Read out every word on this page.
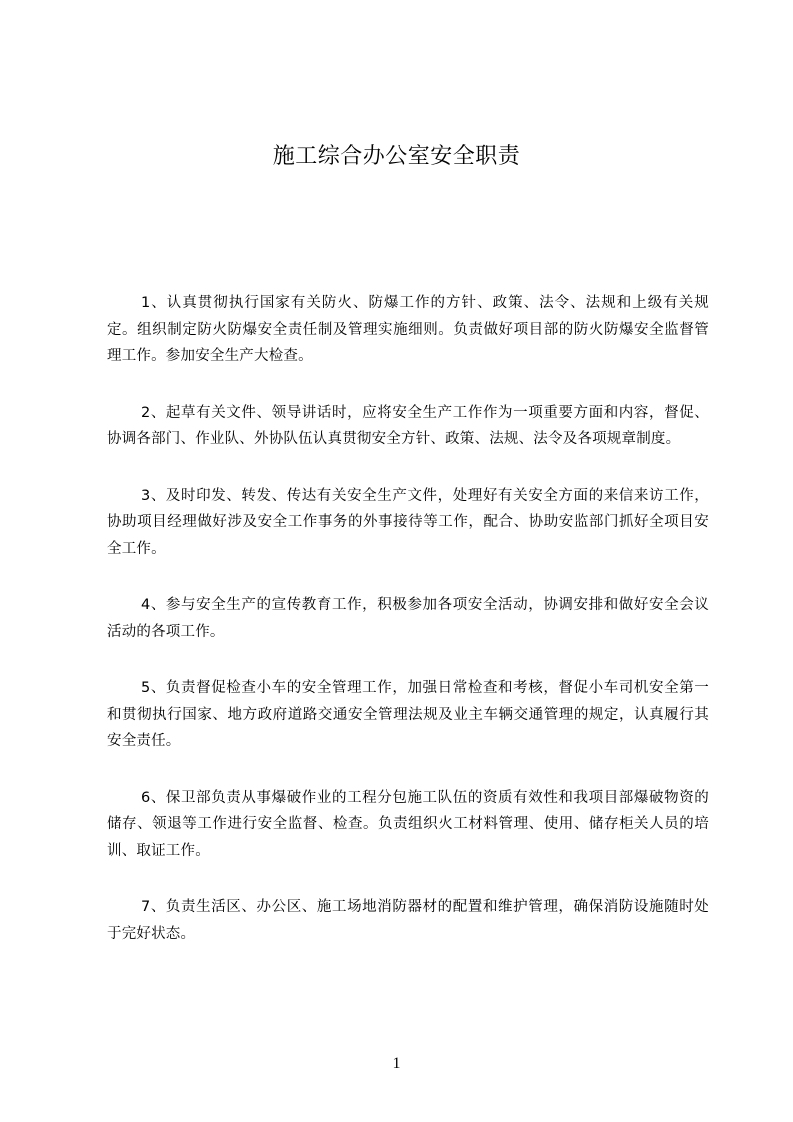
施工综合办公室安全职责

1、认真贯彻执行国家有关防火、防爆工作的方针、政策、法令、法规和上级有关规定。组织制定防火防爆安全责任制及管理实施细则。负责做好项目部的防火防爆安全监督管理工作。参加安全生产大检查。

2、起草有关文件、领导讲话时，应将安全生产工作作为一项重要方面和内容，督促、协调各部门、作业队、外协队伍认真贯彻安全方针、政策、法规、法令及各项规章制度。

3、及时印发、转发、传达有关安全生产文件，处理好有关安全方面的来信来访工作，协助项目经理做好涉及安全工作事务的外事接待等工作，配合、协助安监部门抓好全项目安全工作。

4、参与安全生产的宣传教育工作，积极参加各项安全活动，协调安排和做好安全会议活动的各项工作。

5、负责督促检查小车的安全管理工作，加强日常检查和考核，督促小车司机安全第一和贯彻执行国家、地方政府道路交通安全管理法规及业主车辆交通管理的规定，认真履行其安全责任。

6、保卫部负责从事爆破作业的工程分包施工队伍的资质有效性和我项目部爆破物资的储存、领退等工作进行安全监督、检查。负责组织火工材料管理、使用、储存柜关人员的培训、取证工作。

7、负责生活区、办公区、施工场地消防器材的配置和维护管理，确保消防设施随时处于完好状态。

1
